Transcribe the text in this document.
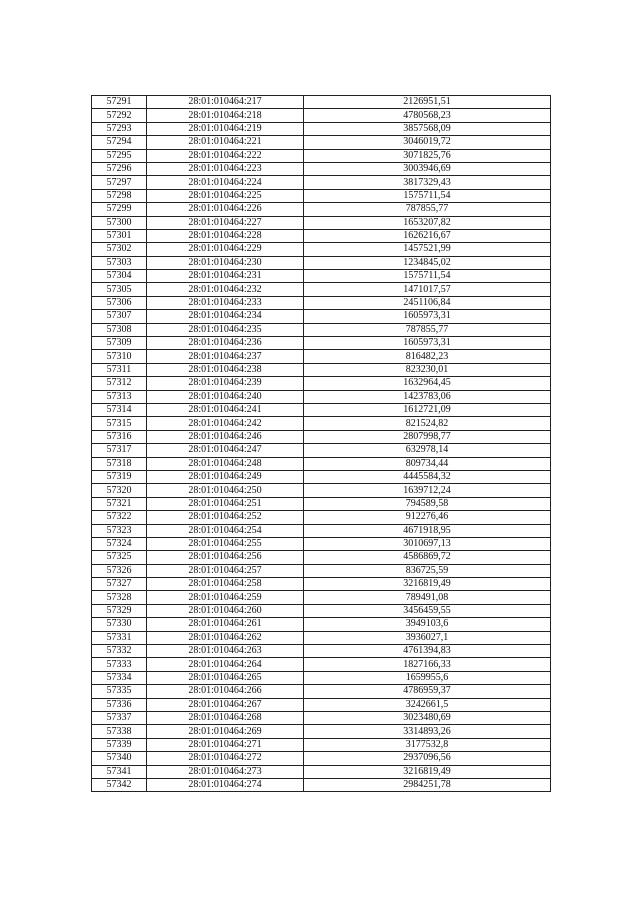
57291	28:01:010464:217	2126951,51
57292	28:01:010464:218	4780568,23
57293	28:01:010464:219	3857568,09
57294	28:01:010464:221	3046019,72
57295	28:01:010464:222	3071825,76
57296	28:01:010464:223	3003946,69
57297	28:01:010464:224	3817329,43
57298	28:01:010464:225	1575711,54
57299	28:01:010464:226	787855,77
57300	28:01:010464:227	1653207,82
57301	28:01:010464:228	1626216,67
57302	28:01:010464:229	1457521,99
57303	28:01:010464:230	1234845,02
57304	28:01:010464:231	1575711,54
57305	28:01:010464:232	1471017,57
57306	28:01:010464:233	2451106,84
57307	28:01:010464:234	1605973,31
57308	28:01:010464:235	787855,77
57309	28:01:010464:236	1605973,31
57310	28:01:010464:237	816482,23
57311	28:01:010464:238	823230,01
57312	28:01:010464:239	1632964,45
57313	28:01:010464:240	1423783,06
57314	28:01:010464:241	1612721,09
57315	28:01:010464:242	821524,82
57316	28:01:010464:246	2807998,77
57317	28:01:010464:247	632978,14
57318	28:01:010464:248	809734,44
57319	28:01:010464:249	4445584,32
57320	28:01:010464:250	1639712,24
57321	28:01:010464:251	794589,58
57322	28:01:010464:252	912276,46
57323	28:01:010464:254	4671918,95
57324	28:01:010464:255	3010697,13
57325	28:01:010464:256	4586869,72
57326	28:01:010464:257	836725,59
57327	28:01:010464:258	3216819,49
57328	28:01:010464:259	789491,08
57329	28:01:010464:260	3456459,55
57330	28:01:010464:261	3949103,6
57331	28:01:010464:262	3936027,1
57332	28:01:010464:263	4761394,83
57333	28:01:010464:264	1827166,33
57334	28:01:010464:265	1659955,6
57335	28:01:010464:266	4786959,37
57336	28:01:010464:267	3242661,5
57337	28:01:010464:268	3023480,69
57338	28:01:010464:269	3314893,26
57339	28:01:010464:271	3177532,8
57340	28:01:010464:272	2937096,56
57341	28:01:010464:273	3216819,49
57342	28:01:010464:274	2984251,78
